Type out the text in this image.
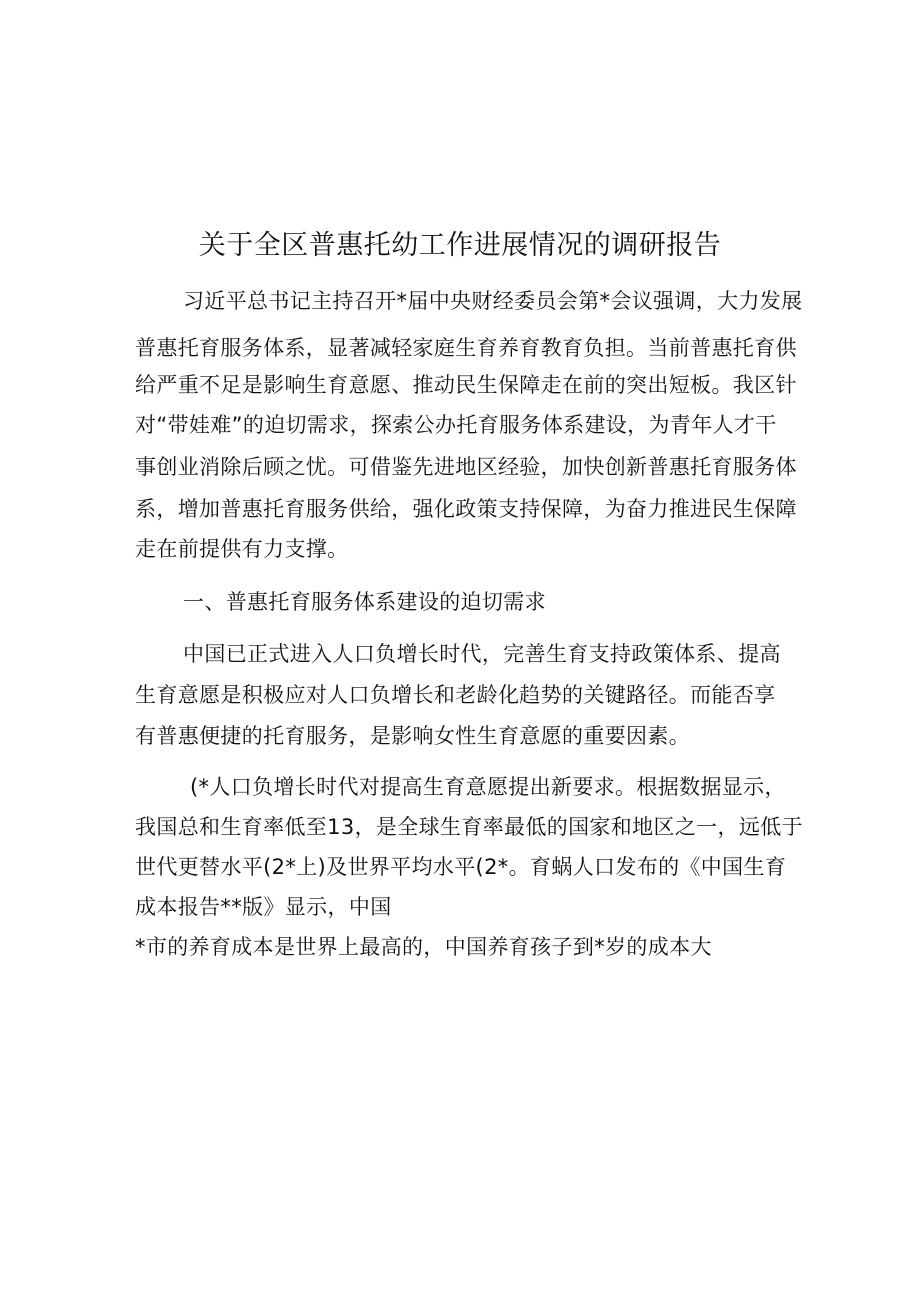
关于全区普惠托幼工作进展情况的调研报告
习近平总书记主持召开*届中央财经委员会第*会议强调，大力发展
普惠托育服务体系，显著减轻家庭生育养育教育负担。当前普惠托育供
给严重不足是影响生育意愿、推动民生保障走在前的突出短板。我区针
对“带娃难”的迫切需求，探索公办托育服务体系建设，为青年人才干
事创业消除后顾之忧。可借鉴先进地区经验，加快创新普惠托育服务体
系，增加普惠托育服务供给，强化政策支持保障，为奋力推进民生保障
走在前提供有力支撑。
一、普惠托育服务体系建设的迫切需求
中国已正式进入人口负增长时代，完善生育支持政策体系、提高
生育意愿是积极应对人口负增长和老龄化趋势的关键路径。而能否享
有普惠便捷的托育服务，是影响女性生育意愿的重要因素。
(*人口负增长时代对提高生育意愿提出新要求。根据数据显示，
我国总和生育率低至13，是全球生育率最低的国家和地区之一，远低于
世代更替水平(2*上)及世界平均水平(2*。育蜗人口发布的《中国生育
成本报告**版》显示，中国
*市的养育成本是世界上最高的，中国养育孩子到*岁的成本大
